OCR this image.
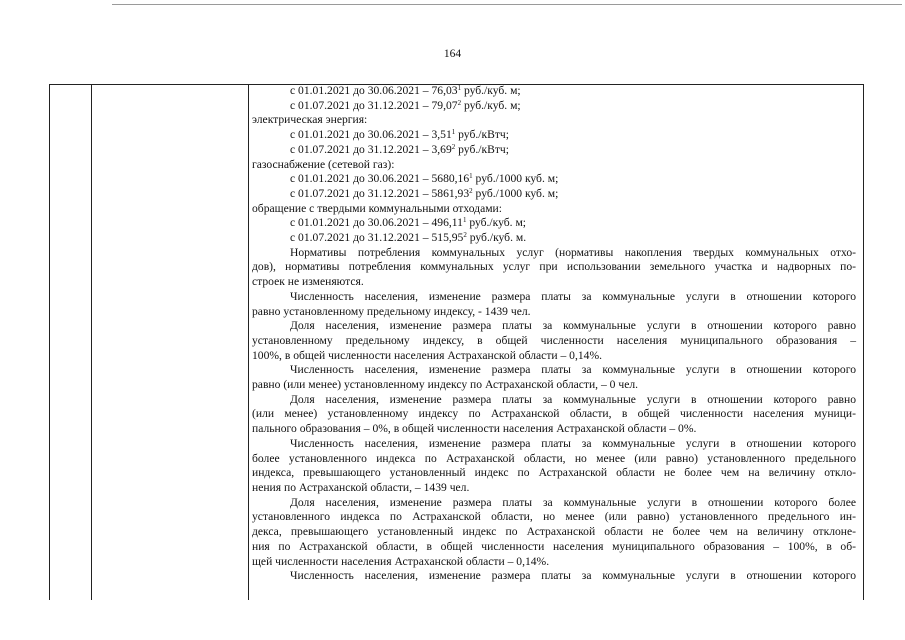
164
с 01.01.2021 до 30.06.2021 – 76,03$^1$ руб./куб. м;
с 01.07.2021 до 31.12.2021 – 79,07$^2$ руб./куб. м;
электрическая энергия:
с 01.01.2021 до 30.06.2021 – 3,51$^1$ руб./кВтч;
с 01.07.2021 до 31.12.2021 – 3,69$^2$ руб./кВтч;
газоснабжение (сетевой газ):
с 01.01.2021 до 30.06.2021 – 5680,16$^1$ руб./1000 куб. м;
с 01.07.2021 до 31.12.2021 – 5861,93$^2$ руб./1000 куб. м;
обращение с твердыми коммунальными отходами:
с 01.01.2021 до 30.06.2021 – 496,11$^1$ руб./куб. м;
с 01.07.2021 до 31.12.2021 – 515,95$^2$ руб./куб. м.
Нормативы потребления коммунальных услуг (нормативы накопления твердых коммунальных отхо-
дов), нормативы потребления коммунальных услуг при использовании земельного участка и надворных по-
строек не изменяются.
Численность населения, изменение размера платы за коммунальные услуги в отношении которого
равно установленному предельному индексу, - 1439 чел.
Доля населения, изменение размера платы за коммунальные услуги в отношении которого равно
установленному предельному индексу, в общей численности населения муниципального образования –
100%, в общей численности населения Астраханской области – 0,14%.
Численность населения, изменение размера платы за коммунальные услуги в отношении которого
равно (или менее) установленному индексу по Астраханской области, – 0 чел.
Доля населения, изменение размера платы за коммунальные услуги в отношении которого равно
(или менее) установленному индексу по Астраханской области, в общей численности населения муници-
пального образования – 0%, в общей численности населения Астраханской области – 0%.
Численность населения, изменение размера платы за коммунальные услуги в отношении которого
более установленного индекса по Астраханской области, но менее (или равно) установленного предельного
индекса, превышающего установленный индекс по Астраханской области не более чем на величину откло-
нения по Астраханской области, – 1439 чел.
Доля населения, изменение размера платы за коммунальные услуги в отношении которого более
установленного индекса по Астраханской области, но менее (или равно) установленного предельного ин-
декса, превышающего установленный индекс по Астраханской области не более чем на величину отклоне-
ния по Астраханской области, в общей численности населения муниципального образования – 100%, в об-
щей численности населения Астраханской области – 0,14%.
Численность населения, изменение размера платы за коммунальные услуги в отношении которого
